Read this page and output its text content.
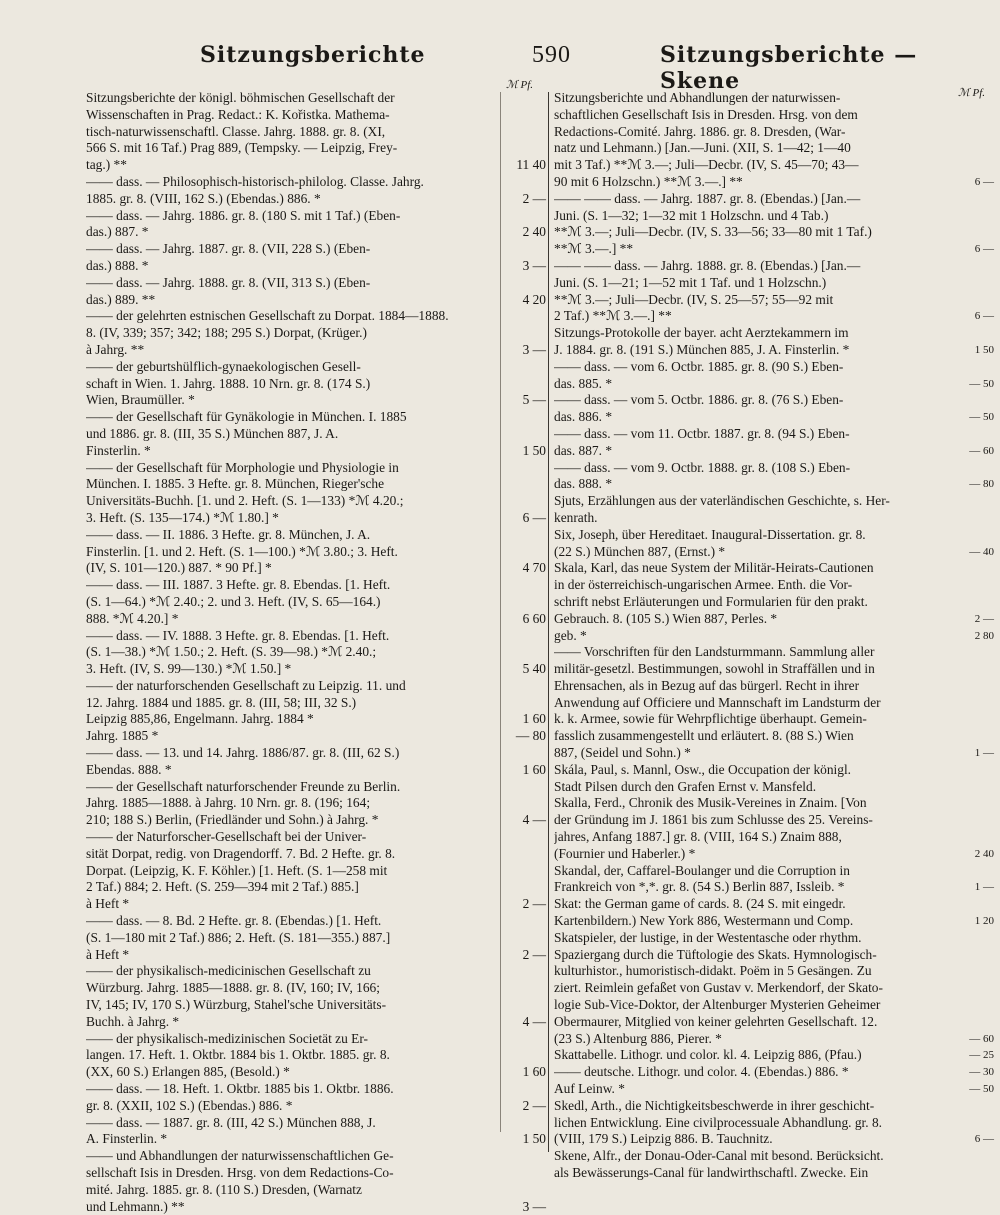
Sitzungsberichte	590	Sitzungsberichte — Skene
ℳ Pf.
ℳ Pf.
Sitzungsberichte der königl. böhmischen Gesellschaft der
Wissenschaften in Prag. Redact.: K. Kořistka. Mathema-
tisch-naturwissenschaftl. Classe. Jahrg. 1888. gr. 8. (XI,
566 S. mit 16 Taf.) Prag 889, (Tempsky. — Leipzig, Frey-
tag.) **
—— dass. — Philosophisch-historisch-philolog. Classe. Jahrg.
1885. gr. 8. (VIII, 162 S.) (Ebendas.) 886. *
—— dass. — Jahrg. 1886. gr. 8. (180 S. mit 1 Taf.) (Eben-
das.) 887. *
—— dass. — Jahrg. 1887. gr. 8. (VII, 228 S.) (Eben-
das.) 888. *
—— dass. — Jahrg. 1888. gr. 8. (VII, 313 S.) (Eben-
das.) 889. **
—— der gelehrten estnischen Gesellschaft zu Dorpat. 1884—1888.
8. (IV, 339; 357; 342; 188; 295 S.) Dorpat, (Krüger.)
à Jahrg. **
—— der geburtshülflich-gynaekologischen Gesell-
schaft in Wien. 1. Jahrg. 1888. 10 Nrn. gr. 8. (174 S.)
Wien, Braumüller. *
—— der Gesellschaft für Gynäkologie in München. I. 1885
und 1886. gr. 8. (III, 35 S.) München 887, J. A.
Finsterlin. *
—— der Gesellschaft für Morphologie und Physiologie in
München. I. 1885. 3 Hefte. gr. 8. München, Rieger'sche
Universitäts-Buchh. [1. und 2. Heft. (S. 1—133) *ℳ 4.20.;
3. Heft. (S. 135—174.) *ℳ 1.80.] *
—— dass. — II. 1886. 3 Hefte. gr. 8. München, J. A.
Finsterlin. [1. und 2. Heft. (S. 1—100.) *ℳ 3.80.; 3. Heft.
(IV, S. 101—120.) 887. * 90 Pf.] *
—— dass. — III. 1887. 3 Hefte. gr. 8. Ebendas. [1. Heft.
(S. 1—64.) *ℳ 2.40.; 2. und 3. Heft. (IV, S. 65—164.)
888. *ℳ 4.20.] *
—— dass. — IV. 1888. 3 Hefte. gr. 8. Ebendas. [1. Heft.
(S. 1—38.) *ℳ 1.50.; 2. Heft. (S. 39—98.) *ℳ 2.40.;
3. Heft. (IV, S. 99—130.) *ℳ 1.50.] *
—— der naturforschenden Gesellschaft zu Leipzig. 11. und
12. Jahrg. 1884 und 1885. gr. 8. (III, 58; III, 32 S.)
Leipzig 885,86, Engelmann. Jahrg. 1884 *
Jahrg. 1885 *
—— dass. — 13. und 14. Jahrg. 1886/87. gr. 8. (III, 62 S.)
Ebendas. 888. *
—— der Gesellschaft naturforschender Freunde zu Berlin.
Jahrg. 1885—1888. à Jahrg. 10 Nrn. gr. 8. (196; 164;
210; 188 S.) Berlin, (Friedländer und Sohn.) à Jahrg. *
—— der Naturforscher-Gesellschaft bei der Univer-
sität Dorpat, redig. von Dragendorff. 7. Bd. 2 Hefte. gr. 8.
Dorpat. (Leipzig, K. F. Köhler.) [1. Heft. (S. 1—258 mit
2 Taf.) 884; 2. Heft. (S. 259—394 mit 2 Taf.) 885.]
à Heft *
—— dass. — 8. Bd. 2 Hefte. gr. 8. (Ebendas.) [1. Heft.
(S. 1—180 mit 2 Taf.) 886; 2. Heft. (S. 181—355.) 887.]
à Heft *
—— der physikalisch-medicinischen Gesellschaft zu
Würzburg. Jahrg. 1885—1888. gr. 8. (IV, 160; IV, 166;
IV, 145; IV, 170 S.) Würzburg, Stahel'sche Universitäts-
Buchh. à Jahrg. *
—— der physikalisch-medizinischen Societät zu Er-
langen. 17. Heft. 1. Oktbr. 1884 bis 1. Oktbr. 1885. gr. 8.
(XX, 60 S.) Erlangen 885, (Besold.) *
—— dass. — 18. Heft. 1. Oktbr. 1885 bis 1. Oktbr. 1886.
gr. 8. (XXII, 102 S.) (Ebendas.) 886. *
—— dass. — 1887. gr. 8. (III, 42 S.) München 888, J.
A. Finsterlin. *
—— und Abhandlungen der naturwissenschaftlichen Ge-
sellschaft Isis in Dresden. Hrsg. von dem Redactions-Co-
mité. Jahrg. 1885. gr. 8. (110 S.) Dresden, (Warnatz
und Lehmann.) **
11 40
2 —
2 40
3 —
4 20
3 —
5 —
1 50
6 —
4 70
6 60
5 40
1 60
— 80
1 60
4 —
2 —
2 —
4 —
1 60
2 —
1 50
3 —
Sitzungsberichte und Abhandlungen der naturwissen-
schaftlichen Gesellschaft Isis in Dresden. Hrsg. von dem
Redactions-Comité. Jahrg. 1886. gr. 8. Dresden, (War-
natz und Lehmann.) [Jan.—Juni. (XII, S. 1—42; 1—40
mit 3 Taf.) **ℳ 3.—; Juli—Decbr. (IV, S. 45—70; 43—
90 mit 6 Holzschn.) **ℳ 3.—.] **
—— —— dass. — Jahrg. 1887. gr. 8. (Ebendas.) [Jan.—
Juni. (S. 1—32; 1—32 mit 1 Holzschn. und 4 Tab.)
**ℳ 3.—; Juli—Decbr. (IV, S. 33—56; 33—80 mit 1 Taf.)
**ℳ 3.—.] **
—— —— dass. — Jahrg. 1888. gr. 8. (Ebendas.) [Jan.—
Juni. (S. 1—21; 1—52 mit 1 Taf. und 1 Holzschn.)
**ℳ 3.—; Juli—Decbr. (IV, S. 25—57; 55—92 mit
2 Taf.) **ℳ 3.—.] **
Sitzungs-Protokolle der bayer. acht Aerztekammern im
J. 1884. gr. 8. (191 S.) München 885, J. A. Finsterlin. *
—— dass. — vom 6. Octbr. 1885. gr. 8. (90 S.) Eben-
das. 885. *
—— dass. — vom 5. Octbr. 1886. gr. 8. (76 S.) Eben-
das. 886. *
—— dass. — vom 11. Octbr. 1887. gr. 8. (94 S.) Eben-
das. 887. *
—— dass. — vom 9. Octbr. 1888. gr. 8. (108 S.) Eben-
das. 888. *
Sjuts, Erzählungen aus der vaterländischen Geschichte, s. Her-
kenrath.
Six, Joseph, über Hereditaet. Inaugural-Dissertation. gr. 8.
(22 S.) München 887, (Ernst.) *
Skala, Karl, das neue System der Militär-Heirats-Cautionen
in der österreichisch-ungarischen Armee. Enth. die Vor-
schrift nebst Erläuterungen und Formularien für den prakt.
Gebrauch. 8. (105 S.) Wien 887, Perles. *
geb. *
—— Vorschriften für den Landsturmmann. Sammlung aller
militär-gesetzl. Bestimmungen, sowohl in Straffällen und in
Ehrensachen, als in Bezug auf das bürgerl. Recht in ihrer
Anwendung auf Officiere und Mannschaft im Landsturm der
k. k. Armee, sowie für Wehrpflichtige überhaupt. Gemein-
fasslich zusammengestellt und erläutert. 8. (88 S.) Wien
887, (Seidel und Sohn.) *
Skála, Paul, s. Mannl, Osw., die Occupation der königl.
Stadt Pilsen durch den Grafen Ernst v. Mansfeld.
Skalla, Ferd., Chronik des Musik-Vereines in Znaim. [Von
der Gründung im J. 1861 bis zum Schlusse des 25. Vereins-
jahres, Anfang 1887.] gr. 8. (VIII, 164 S.) Znaim 888,
(Fournier und Haberler.) *
Skandal, der, Caffarel-Boulanger und die Corruption in
Frankreich von *,*. gr. 8. (54 S.) Berlin 887, Issleib. *
Skat: the German game of cards. 8. (24 S. mit eingedr.
Kartenbildern.) New York 886, Westermann und Comp.
Skatspieler, der lustige, in der Westentasche oder rhythm.
Spaziergang durch die Tüftologie des Skats. Hymnologisch-
kulturhistor., humoristisch-didakt. Poëm in 5 Gesängen. Zu
ziert. Reimlein gefaßet von Gustav v. Merkendorf, der Skato-
logie Sub-Vice-Doktor, der Altenburger Mysterien Geheimer
Obermaurer, Mitglied von keiner gelehrten Gesellschaft. 12.
(23 S.) Altenburg 886, Pierer. *
Skattabelle. Lithogr. und color. kl. 4. Leipzig 886, (Pfau.)
—— deutsche. Lithogr. und color. 4. (Ebendas.) 886. *
Auf Leinw. *
Skedl, Arth., die Nichtigkeitsbeschwerde in ihrer geschicht-
lichen Entwicklung. Eine civilprocessuale Abhandlung. gr. 8.
(VIII, 179 S.) Leipzig 886. B. Tauchnitz.
Skene, Alfr., der Donau-Oder-Canal mit besond. Berücksicht.
als Bewässerungs-Canal für landwirthschaftl. Zwecke. Ein
6 —
6 —
6 —
1 50
— 50
— 50
— 60
— 80
— 40
2 —
2 80
1 —
2 40
1 —
1 20
— 60
— 25
— 30
— 50
6 —
